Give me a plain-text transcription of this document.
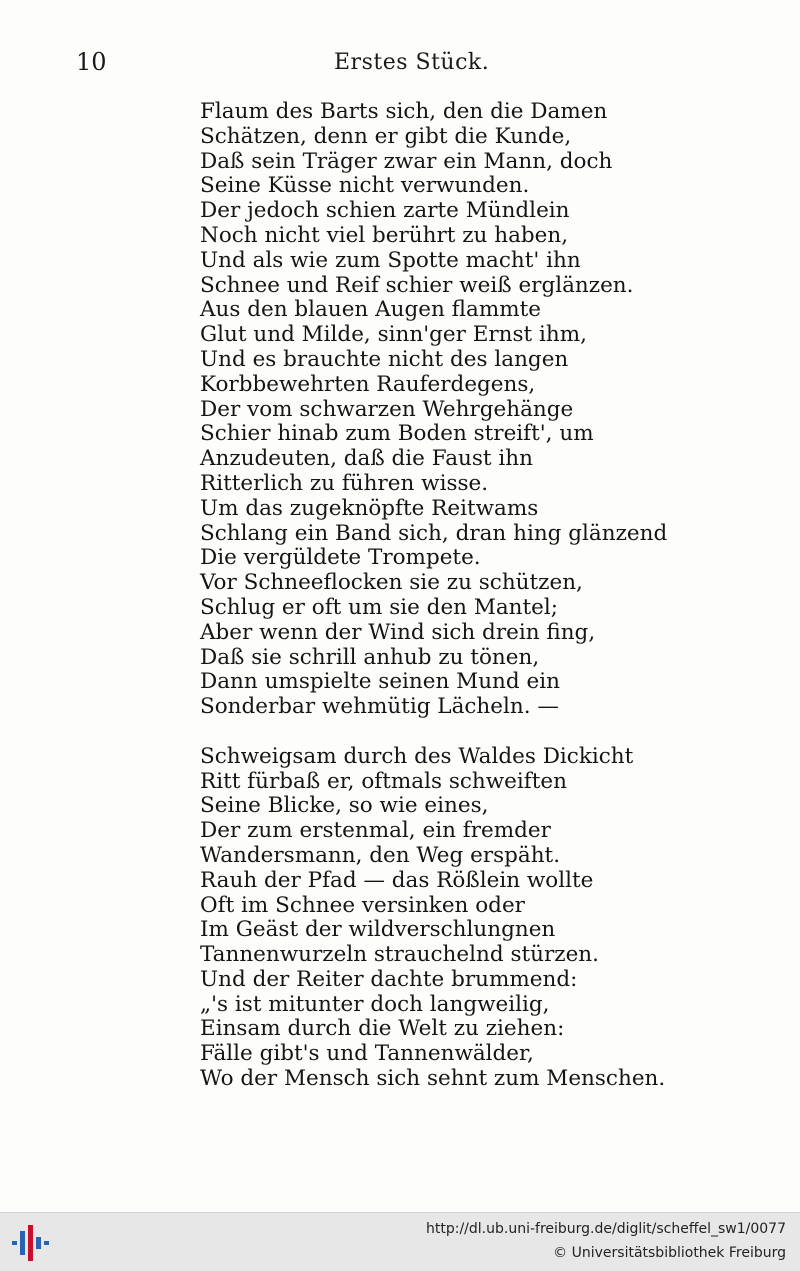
10	Erstes Stück.
Flaum des Barts sich, den die Damen
Schätzen, denn er gibt die Kunde,
Daß sein Träger zwar ein Mann, doch
Seine Küsse nicht verwunden.
Der jedoch schien zarte Mündlein
Noch nicht viel berührt zu haben,
Und als wie zum Spotte macht' ihn
Schnee und Reif schier weiß erglänzen.
Aus den blauen Augen flammte
Glut und Milde, sinn'ger Ernst ihm,
Und es brauchte nicht des langen
Korbbewehrten Rauferdegens,
Der vom schwarzen Wehrgehänge
Schier hinab zum Boden streift', um
Anzudeuten, daß die Faust ihn
Ritterlich zu führen wisse.
Um das zugeknöpfte Reitwams
Schlang ein Band sich, dran hing glänzend
Die vergüldete Trompete.
Vor Schneeflocken sie zu schützen,
Schlug er oft um sie den Mantel;
Aber wenn der Wind sich drein fing,
Daß sie schrill anhub zu tönen,
Dann umspielte seinen Mund ein
Sonderbar wehmütig Lächeln. —
Schweigsam durch des Waldes Dickicht
Ritt fürbaß er, oftmals schweiften
Seine Blicke, so wie eines,
Der zum erstenmal, ein fremder
Wandersmann, den Weg erspäht.
Rauh der Pfad — das Rößlein wollte
Oft im Schnee versinken oder
Im Geäst der wildverschlungnen
Tannenwurzeln strauchelnd stürzen.
Und der Reiter dachte brummend:
„'s ist mitunter doch langweilig,
Einsam durch die Welt zu ziehen:
Fälle gibt's und Tannenwälder,
Wo der Mensch sich sehnt zum Menschen.
http://dl.ub.uni-freiburg.de/diglit/scheffel_sw1/0077
© Universitätsbibliothek Freiburg
